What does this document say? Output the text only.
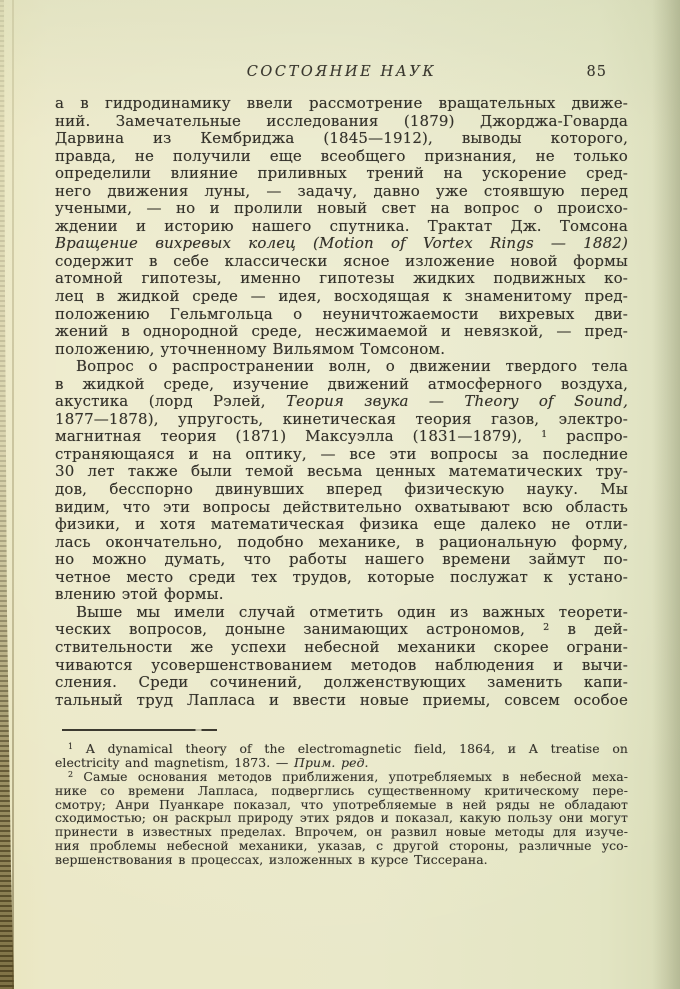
СОСТОЯНИЕ НАУК	85
а в гидродинамику ввели рассмотрение вращательных движе-
ний. Замечательные исследования (1879) Джорджа-Говарда
Дарвина из Кембриджа (1845—1912), выводы которого,
правда, не получили еще всеобщего признания, не только
определили влияние приливных трений на ускорение сред-
него движения луны, — задачу, давно уже стоявшую перед
учеными, — но и пролили новый свет на вопрос о происхо-
ждении и историю нашего спутника. Трактат Дж. Томсона
Вращение вихревых колец (Motion of Vortex Rings — 1882)
содержит в себе классически ясное изложение новой формы
атомной гипотезы, именно гипотезы жидких подвижных ко-
лец в жидкой среде — идея, восходящая к знаменитому пред-
положению Гельмгольца о неуничтожаемости вихревых дви-
жений в однородной среде, несжимаемой и невязкой, — пред-
положению, уточненному Вильямом Томсоном.
Вопрос о распространении волн, о движении твердого тела
в жидкой среде, изучение движений атмосферного воздуха,
акустика (лорд Рэлей, Теория звука — Theory of Sound,
1877—1878), упругость, кинетическая теория газов, электро-
магнитная теория (1871) Максуэлла (1831—1879), $^1$ распро-
страняющаяся и на оптику, — все эти вопросы за последние
30 лет также были темой весьма ценных математических тру-
дов, бесспорно двинувших вперед физическую науку. Мы
видим, что эти вопросы действительно охватывают всю область
физики, и хотя математическая физика еще далеко не отли-
лась окончательно, подобно механике, в рациональную форму,
но можно думать, что работы нашего времени займут по-
четное место среди тех трудов, которые послужат к устано-
влению этой формы.
Выше мы имели случай отметить один из важных теорети-
ческих вопросов, доныне занимающих астрономов, $^2$ в дей-
ствительности же успехи небесной механики скорее ограни-
чиваются усовершенствованием методов наблюдения и вычи-
сления. Среди сочинений, долженствующих заменить капи-
тальный труд Лапласа и ввести новые приемы, совсем особое
$^1$ A dynamical theory of the electromagnetic field, 1864, и A treatise on
electricity and magnetism, 1873. — Прим. ред.
$^2$ Самые основания методов приближения, употребляемых в небесной меха-
нике со времени Лапласа, подверглись существенному критическому пере-
смотру; Анри Пуанкаре показал, что употребляемые в ней ряды не обладают
сходимостью; он раскрыл природу этих рядов и показал, какую пользу они могут
принести в известных пределах. Впрочем, он развил новые методы для изуче-
ния проблемы небесной механики, указав, с другой стороны, различные усо-
вершенствования в процессах, изложенных в курсе Тиссерана.
